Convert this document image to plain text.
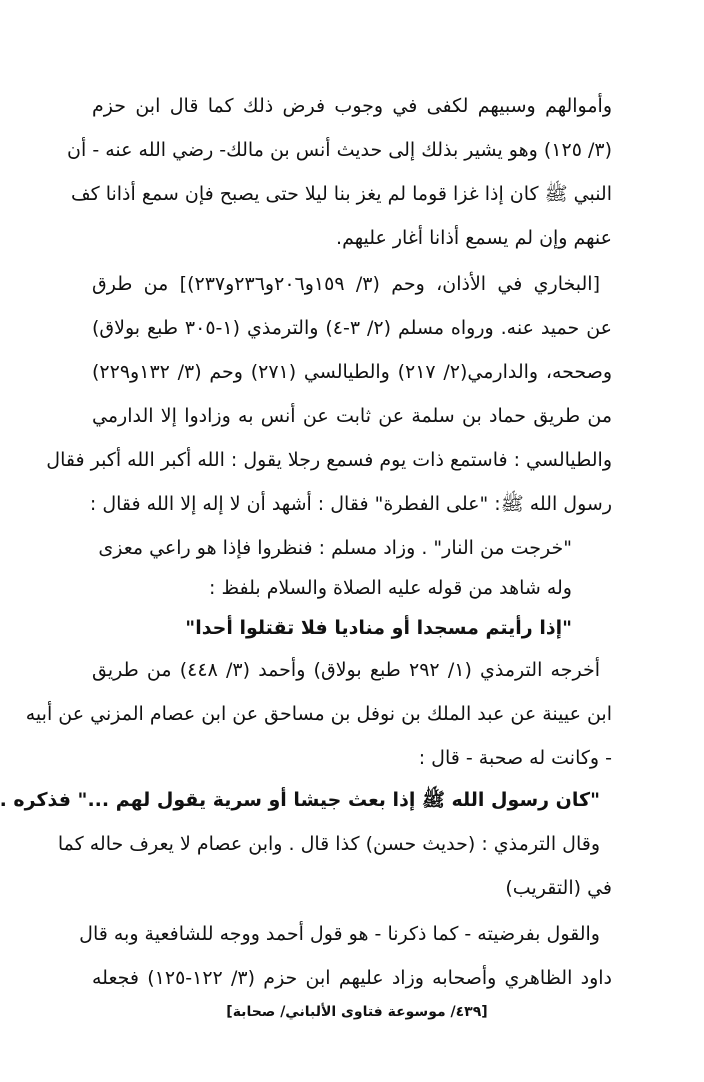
وأموالهم وسبيهم لكفى في وجوب فرض ذلك كما قال ابن حزم
(٣/ ١٢٥) وهو يشير بذلك إلى حديث أنس بن مالك- رضي الله عنه - أن
النبي ﷺ كان إذا غزا قوما لم يغز بنا ليلا حتى يصبح فإن سمع أذانا كف
عنهم وإن لم يسمع أذانا أغار عليهم.
[البخاري في الأذان، وحم (٣/ ١٥٩و٢٠٦و٢٣٦و٢٣٧)] من طرق
عن حميد عنه. ورواه مسلم (٢/ ٣-٤) والترمذي (١-٣٠٥ طبع بولاق)
وصححه، والدارمي(٢/ ٢١٧) والطيالسي (٢٧١) وحم (٣/ ١٣٢و٢٢٩)
من طريق حماد بن سلمة عن ثابت عن أنس به وزادوا إلا الدارمي
والطيالسي : فاستمع ذات يوم فسمع رجلا يقول : الله أكبر الله أكبر فقال
رسول الله ﷺ: "على الفطرة" فقال : أشهد أن لا إله إلا الله فقال :
"خرجت من النار" . وزاد مسلم : فنظروا فإذا هو راعي معزى
وله شاهد من قوله عليه الصلاة والسلام بلفظ :
"إذا رأيتم مسجدا أو مناديا فلا تقتلوا أحدا"
أخرجه الترمذي (١/ ٢٩٢ طبع بولاق) وأحمد (٣/ ٤٤٨) من طريق
ابن عيينة عن عبد الملك بن نوفل بن مساحق عن ابن عصام المزني عن أبيه
- وكانت له صحبة - قال :
"كان رسول الله ﷺ إذا بعث جيشا أو سرية يقول لهم ..." فذكره .
وقال الترمذي : (حديث حسن) كذا قال . وابن عصام لا يعرف حاله كما
في (التقريب)
والقول بفرضيته - كما ذكرنا - هو قول أحمد ووجه للشافعية وبه قال
داود الظاهري وأصحابه وزاد عليهم ابن حزم (٣/ ١٢٢-١٢٥) فجعله
[٤٣٩/ موسوعة فتاوى الألباني/ صحابة]
